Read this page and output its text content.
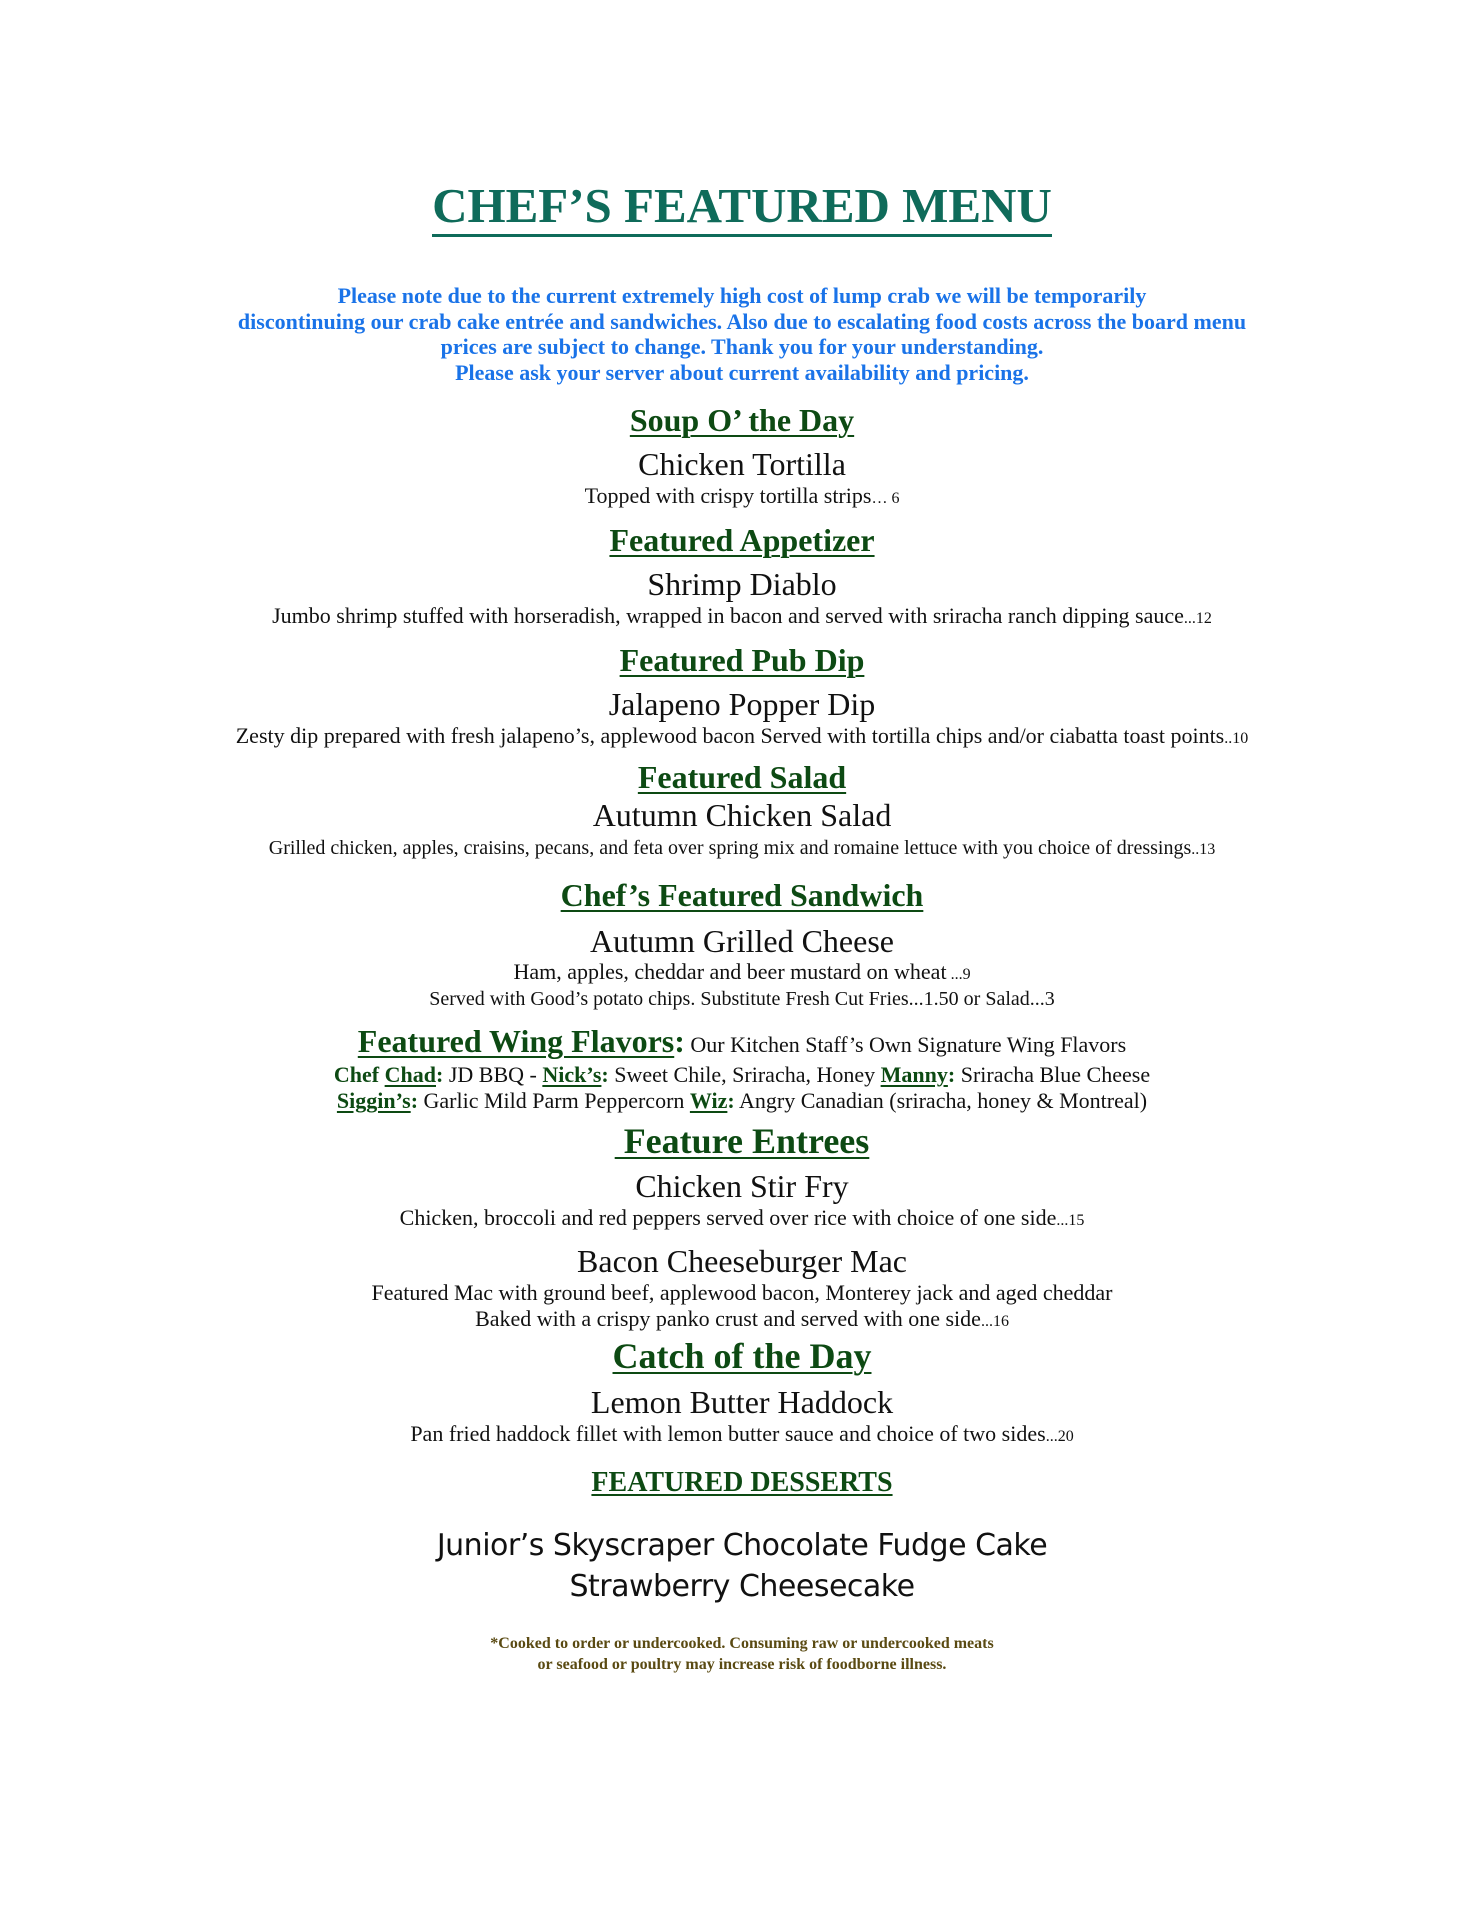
CHEF’S FEATURED MENU
Please note due to the current extremely high cost of lump crab we will be temporarily
discontinuing our crab cake entrée and sandwiches. Also due to escalating food costs across the board menu
prices are subject to change. Thank you for your understanding.
Please ask your server about current availability and pricing.
Soup O’ the Day
Chicken Tortilla
Topped with crispy tortilla strips… 6
Featured Appetizer
Shrimp Diablo
Jumbo shrimp stuffed with horseradish, wrapped in bacon and served with sriracha ranch dipping sauce...12
Featured Pub Dip
Jalapeno Popper Dip
Zesty dip prepared with fresh jalapeno’s, applewood bacon Served with tortilla chips and/or ciabatta toast points..10
Featured Salad
Autumn Chicken Salad
Grilled chicken, apples, craisins, pecans, and feta over spring mix and romaine lettuce with you choice of dressings..13
Chef’s Featured Sandwich
Autumn Grilled Cheese
Ham, apples, cheddar and beer mustard on wheat ...9
Served with Good’s potato chips. Substitute Fresh Cut Fries...1.50 or Salad...3
Featured Wing Flavors: Our Kitchen Staff’s Own Signature Wing Flavors
Chef Chad: JD BBQ - Nick’s: Sweet Chile, Sriracha, Honey Manny: Sriracha Blue Cheese
Siggin’s: Garlic Mild Parm Peppercorn Wiz: Angry Canadian (sriracha, honey & Montreal)
Feature Entrees
Chicken Stir Fry
Chicken, broccoli and red peppers served over rice with choice of one side...15
Bacon Cheeseburger Mac
Featured Mac with ground beef, applewood bacon, Monterey jack and aged cheddar
Baked with a crispy panko crust and served with one side...16
Catch of the Day
Lemon Butter Haddock
Pan fried haddock fillet with lemon butter sauce and choice of two sides...20
FEATURED DESSERTS
Junior’s Skyscraper Chocolate Fudge Cake
Strawberry Cheesecake
*Cooked to order or undercooked. Consuming raw or undercooked meats
or seafood or poultry may increase risk of foodborne illness.
